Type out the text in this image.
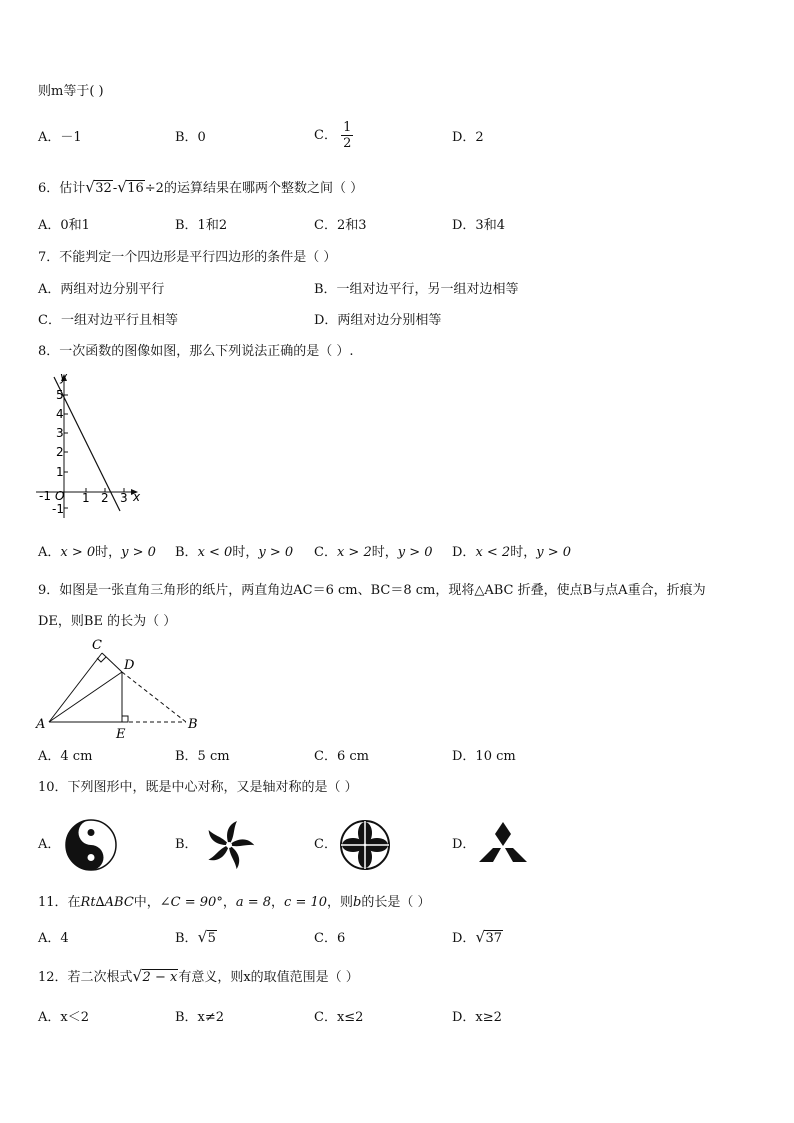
则m等于( )
A．－1	B．0	C． $\frac{1}{2}$	D．2
6．估计 √ 32- √ 16÷2的运算结果在哪两个整数之间（ ）
A．0和1	B．1和2	C．2和3	D．3和4
7．不能判定一个四边形是平行四边形的条件是（ ）
A．两组对边分别平行	B．一组对边平行，另一组对边相等
C．一组对边平行且相等	D．两组对边分别相等
8．一次函数的图像如图，那么下列说法正确的是（ ）.
y
x
O
-1	1 2 3
5
4
3
2
1
-1
A．x > 0时，y > 0 B．x < 0时，y > 0 C．x > 2时，y > 0 D．x < 2时，y > 0
9．如图是一张直角三角形的纸片，两直角边AC＝6 cm、BC＝8 cm，现将△ABC 折叠，使点B与点A重合，折痕为
DE，则BE 的长为（ ）
A	B
C
D
E
A．4 cm	B．5 cm	C．6 cm	D．10 cm
10．下列图形中，既是中心对称，又是轴对称的是（ ）
A．	B．	C．	D．
11．在Rt∆ABC中，∠C = 90°，a = 8，c = 10，则b的长是（ ）
A．4	B． √ 5	C．6	D． √ 37
12．若二次根式 √ 2 − x有意义，则x的取值范围是（ ）
A．x＜2	B．x≠2	C．x≤2	D．x≥2
